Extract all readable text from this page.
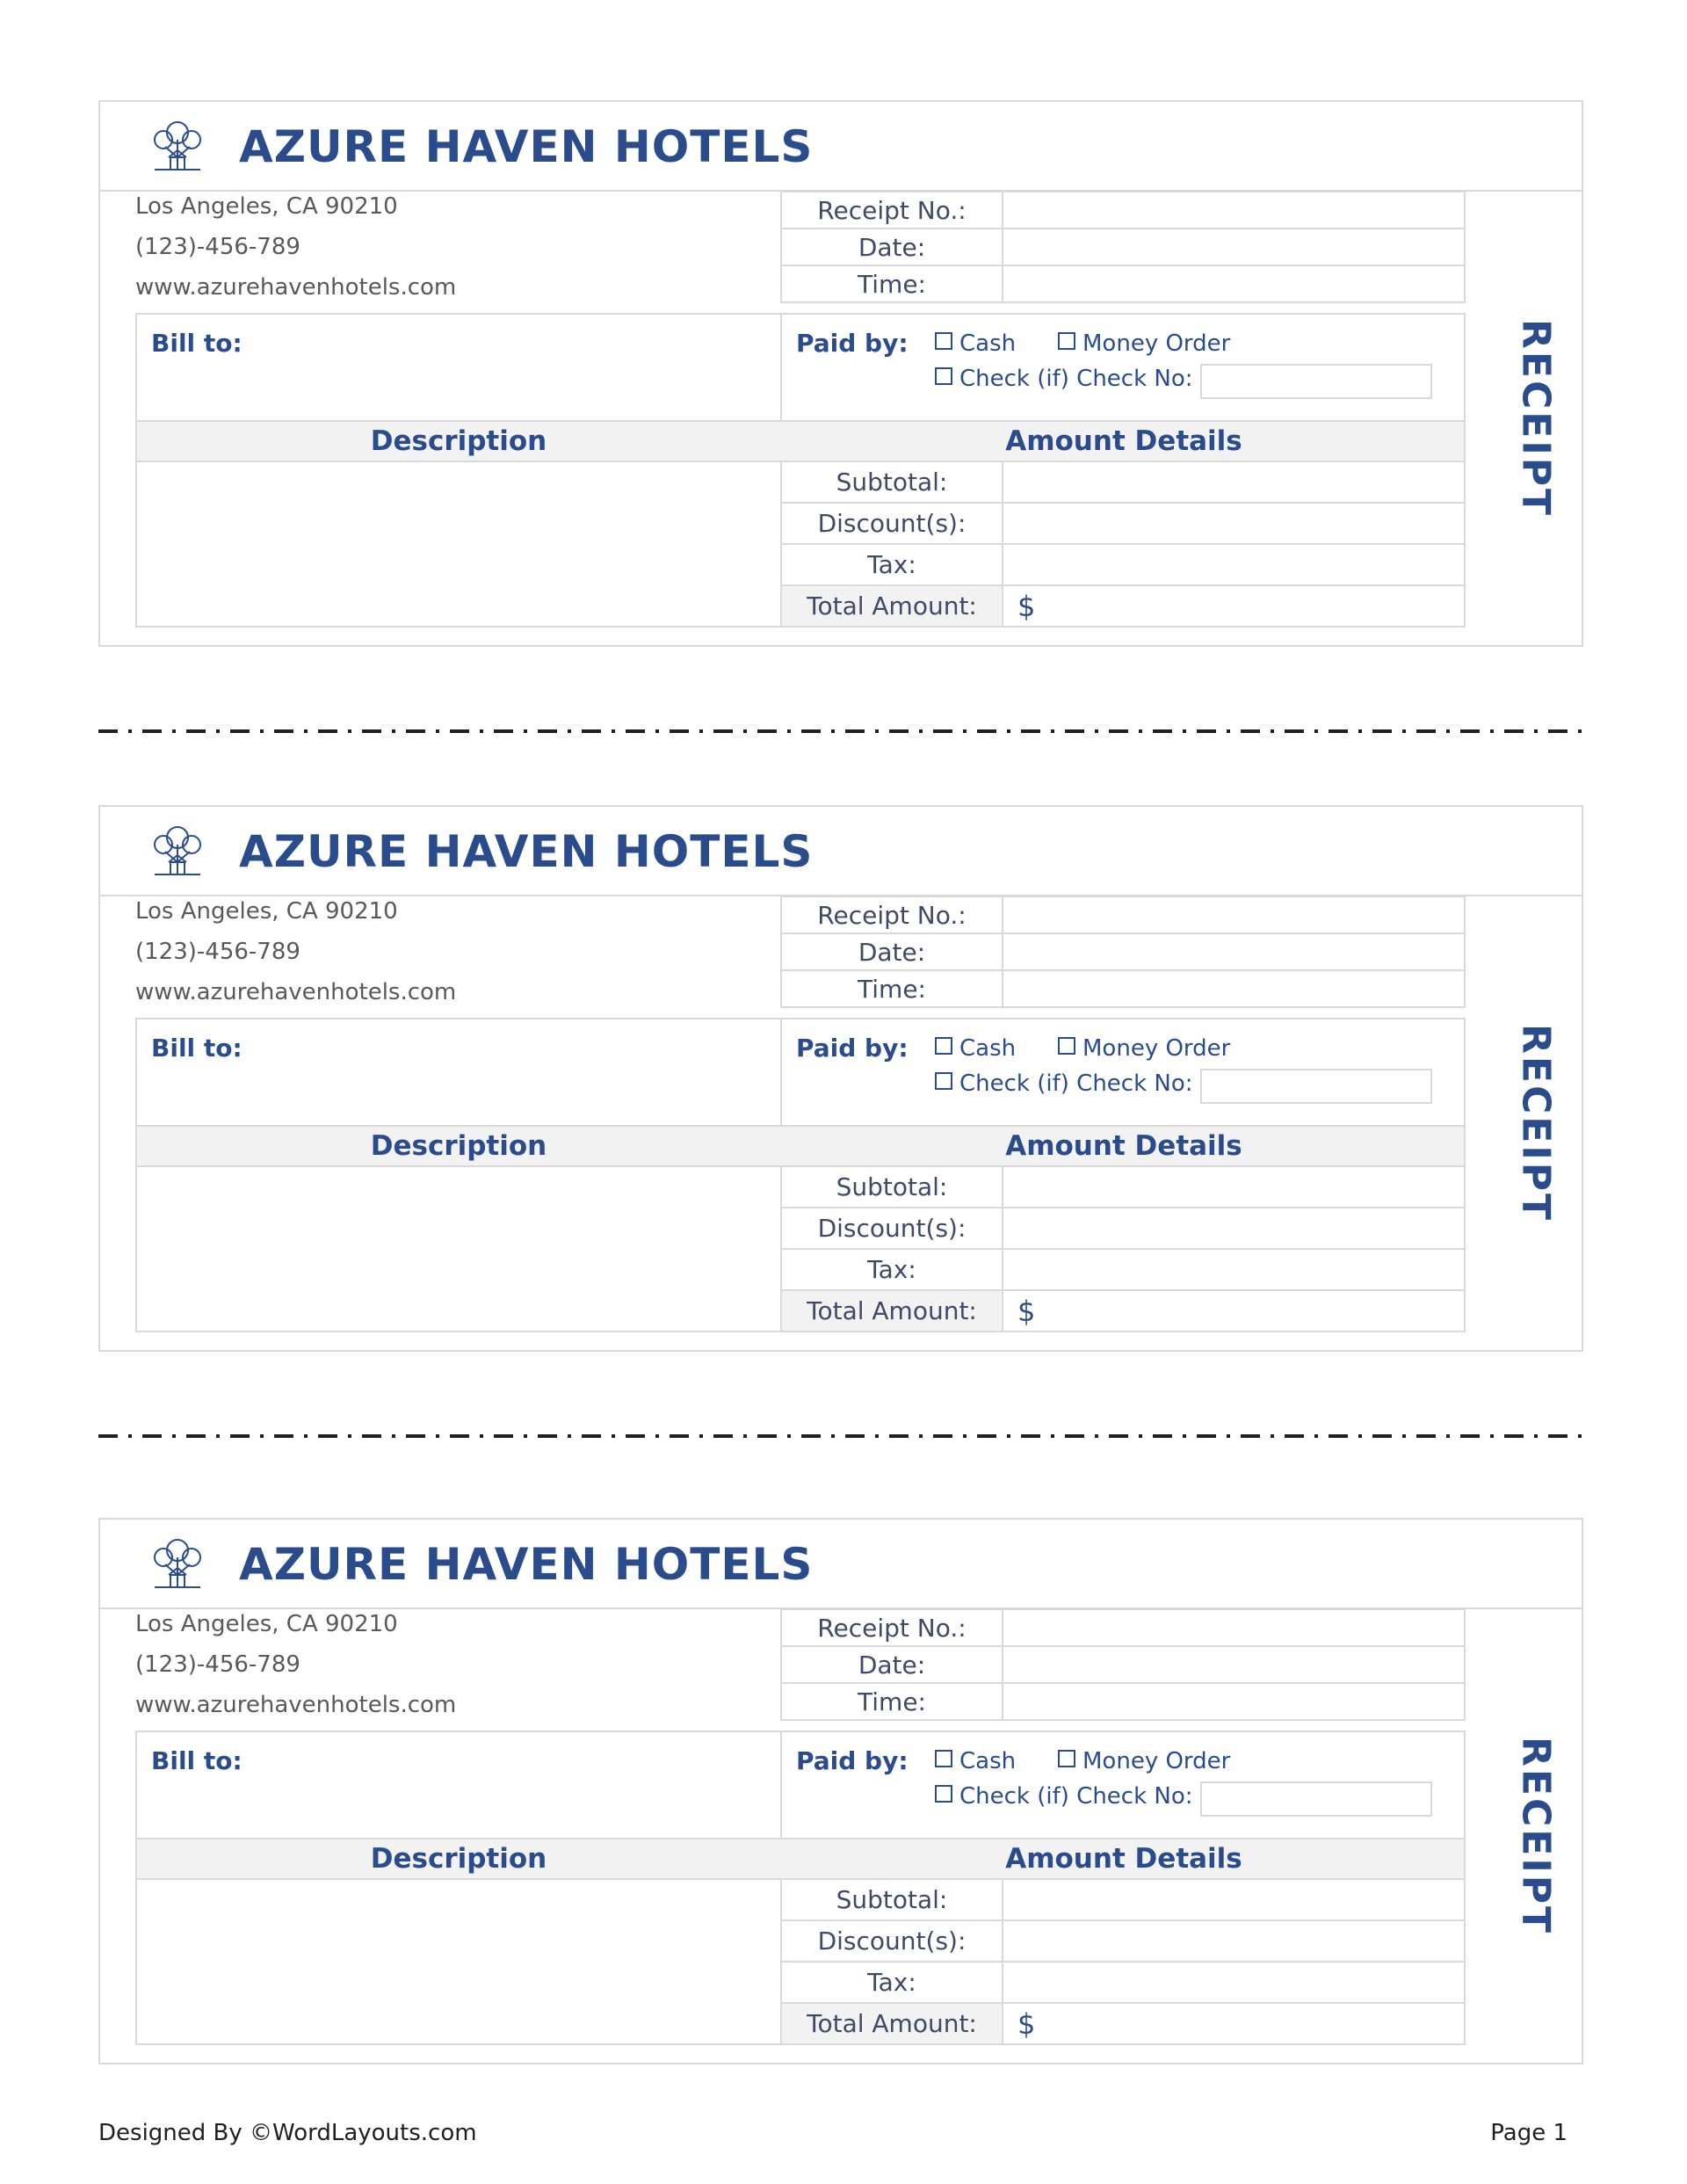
AZURE HAVEN HOTELS
Los Angeles, CA 90210
(123)-456-789
www.azurehavenhotels.com
Receipt No.:	
Date:	
Time:	
Bill to:	Paid by:	Cash	Money Order
Check (if) Check No:
Description	Amount Details
Subtotal:	
Discount(s):	
Tax:	
Total Amount:	$
RECEIPT
AZURE HAVEN HOTELS
Los Angeles, CA 90210
(123)-456-789
www.azurehavenhotels.com
Receipt No.:	
Date:	
Time:	
Bill to:	Paid by:	Cash	Money Order
Check (if) Check No:
Description	Amount Details
Subtotal:	
Discount(s):	
Tax:	
Total Amount:	$
RECEIPT
AZURE HAVEN HOTELS
Los Angeles, CA 90210
(123)-456-789
www.azurehavenhotels.com
Receipt No.:	
Date:	
Time:	
Bill to:	Paid by:	Cash	Money Order
Check (if) Check No:
Description	Amount Details
Subtotal:	
Discount(s):	
Tax:	
Total Amount:	$
RECEIPT
Designed By ©WordLayouts.com	Page 1
